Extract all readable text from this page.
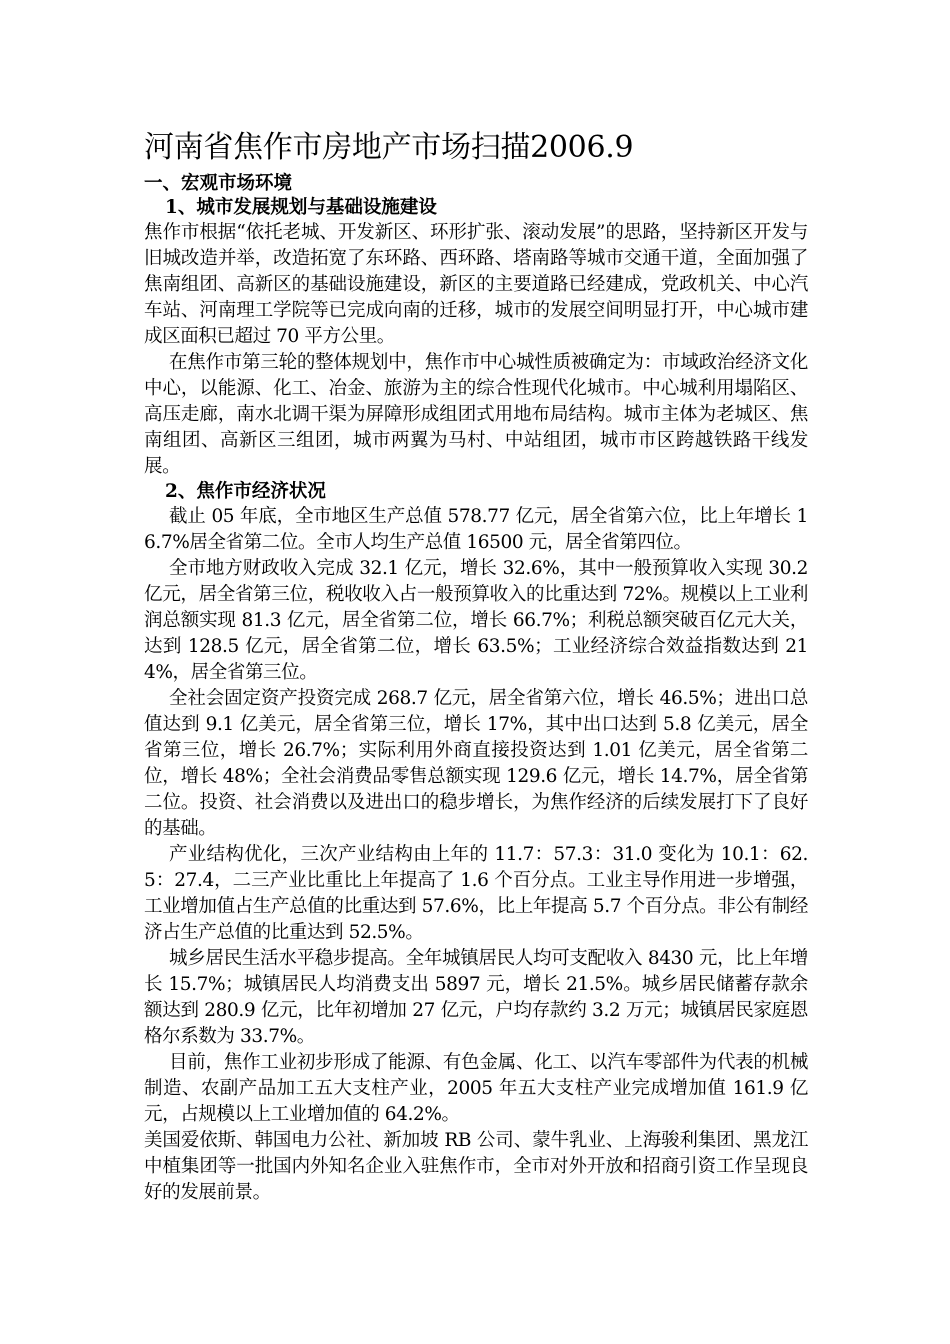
河南省焦作市房地产市场扫描2006.9
一、宏观市场环境
1、城市发展规划与基础设施建设

焦作市根据“依托老城、开发新区、环形扩张、滚动发展”的思路，坚持新区开发与旧城改造并举，改造拓宽了东环路、西环路、塔南路等城市交通干道，全面加强了焦南组团、高新区的基础设施建设，新区的主要道路已经建成，党政机关、中心汽车站、河南理工学院等已完成向南的迁移，城市的发展空间明显打开，中心城市建成区面积已超过 70 平方公里。

在焦作市第三轮的整体规划中，焦作市中心城性质被确定为：市域政治经济文化中心，以能源、化工、冶金、旅游为主的综合性现代化城市。中心城利用塌陷区、高压走廊，南水北调干渠为屏障形成组团式用地布局结构。城市主体为老城区、焦南组团、高新区三组团，城市两翼为马村、中站组团，城市市区跨越铁路干线发展。

2、焦作市经济状况

截止 05 年底，全市地区生产总值 578.77 亿元，居全省第六位，比上年增长 16.7%居全省第二位。全市人均生产总值 16500 元，居全省第四位。

全市地方财政收入完成 32.1 亿元，增长 32.6%，其中一般预算收入实现 30.2 亿元，居全省第三位，税收收入占一般预算收入的比重达到 72%。规模以上工业利润总额实现 81.3 亿元，居全省第二位，增长 66.7%；利税总额突破百亿元大关，达到 128.5 亿元，居全省第二位，增长 63.5%；工业经济综合效益指数达到 214%，居全省第三位。

全社会固定资产投资完成 268.7 亿元，居全省第六位，增长 46.5%；进出口总值达到 9.1 亿美元，居全省第三位，增长 17%，其中出口达到 5.8 亿美元，居全省第三位，增长 26.7%；实际利用外商直接投资达到 1.01 亿美元，居全省第二位，增长 48%；全社会消费品零售总额实现 129.6 亿元，增长 14.7%，居全省第二位。投资、社会消费以及进出口的稳步增长，为焦作经济的后续发展打下了良好的基础。

产业结构优化，三次产业结构由上年的 11.7：57.3：31.0 变化为 10.1：62.5：27.4，二三产业比重比上年提高了 1.6 个百分点。工业主导作用进一步增强，工业增加值占生产总值的比重达到 57.6%，比上年提高 5.7 个百分点。非公有制经济占生产总值的比重达到 52.5%。

城乡居民生活水平稳步提高。全年城镇居民人均可支配收入 8430 元，比上年增长 15.7%；城镇居民人均消费支出 5897 元，增长 21.5%。城乡居民储蓄存款余额达到 280.9 亿元，比年初增加 27 亿元，户均存款约 3.2 万元；城镇居民家庭恩格尔系数为 33.7%。

目前，焦作工业初步形成了能源、有色金属、化工、以汽车零部件为代表的机械制造、农副产品加工五大支柱产业，2005 年五大支柱产业完成增加值 161.9 亿元，占规模以上工业增加值的 64.2%。

美国爱依斯、韩国电力公社、新加坡 RB 公司、蒙牛乳业、上海骏利集团、黑龙江中植集团等一批国内外知名企业入驻焦作市，全市对外开放和招商引资工作呈现良好的发展前景。
